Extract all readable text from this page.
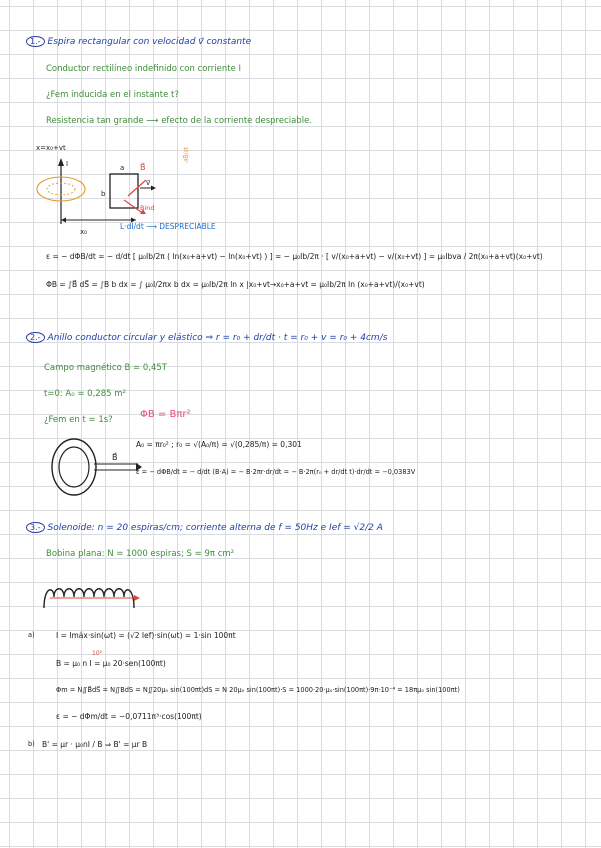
1.- Espira rectangular con velocidad v⃗ constante
Conductor rectilíneo indefinido con corriente I
¿Fem inducida en el instante t?
Resistencia tan grande ⟶ efecto de la corriente despreciable.
x=x₀+vt
I	a
b
x₀
B⃗
v⃗
Bind
-∂B⃗/∂t
L·dI/dt ⟶ DESPRECIABLE
ε = − dΦB/dt = − d/dt [ μ₀Ib/2π ( ln(x₀+a+vt) − ln(x₀+vt) ) ] = − μ₀Ib/2π · [ v/(x₀+a+vt) − v/(x₀+vt) ] = μ₀Ibva / 2π(x₀+a+vt)(x₀+vt)
ΦB = ∫B⃗ dS⃗ = ∫B b dx = ∫ μ₀I/2πx b dx = μ₀Ib/2π ln x |x₀+vt→x₀+a+vt = μ₀Ib/2π ln (x₀+a+vt)/(x₀+vt)
2.- Anillo conductor circular y elástico ⇒ r = r₀ + dr/dt · t = r₀ + v = r₀ + 4cm/s
Campo magnético B = 0,45T
t=0: A₀ = 0,285 m²
¿Fem en t = 1s?	ΦB = Bπr²
B⃗
A₀ = πr₀² ; r₀ = √(A₀/π) = √(0,285/π) = 0,301
ε = − dΦB/dt = − d/dt (B·A) = − B·2πr·dr/dt = − B·2π(r₀ + dr/dt t)·dr/dt = −0,0383V
3.- Solenoide: n = 20 espiras/cm; corriente alterna de f = 50Hz e Ief = √2/2 A
Bobina plana: N = 1000 espiras; S = 9π cm²
a)	I = Imáx·sin(ωt) = (√2 Ief)·sin(ωt) = 1·sin 100πt
B = μ₀ n I = μ₀ 20·sen(100πt)
Φm = N∬B⃗dS⃗ = N∬BdS = N∬20μ₀ sin(100πt)dS = N 20μ₀ sin(100πt)·S = 1000·20·μ₀·sin(100πt)·9π·10⁻⁴ = 18πμ₀ sin(100πt)
ε = − dΦm/dt = −0,0711π³·cos(100πt)
10²
b) B' = μr · μ₀nI / B ⇒ B' = μr B
